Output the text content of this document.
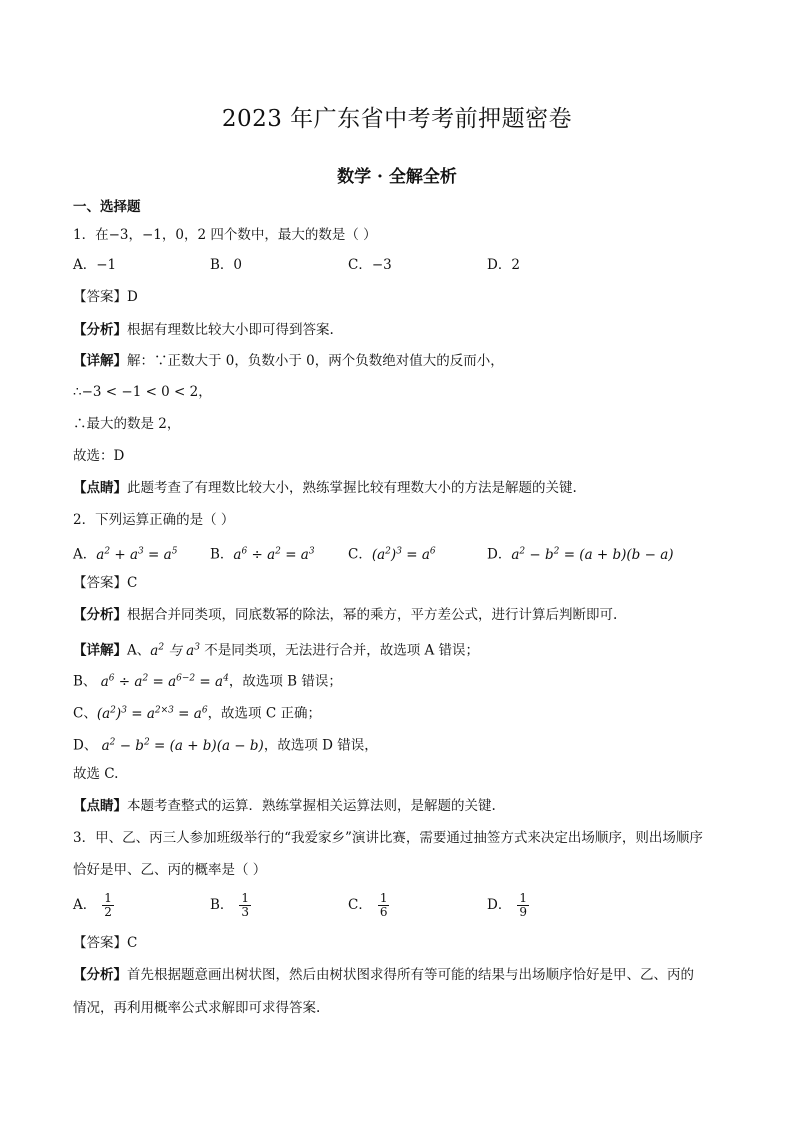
2023 年广东省中考考前押题密卷
数学 · 全解全析
一、选择题
1．在−3，−1，0，2 四个数中，最大的数是（ ）
A．−1	B．0	C．−3	D．2
【答案】D
【分析】根据有理数比较大小即可得到答案.
【详解】解：∵正数大于 0，负数小于 0，两个负数绝对值大的反而小，
∴−3 < −1 < 0 < 2，
∴最大的数是 2，
故选：D
【点睛】此题考查了有理数比较大小，熟练掌握比较有理数大小的方法是解题的关键.
2．下列运算正确的是（ ）
A．$a^2 + a^3 = a^5$ B．$a^6 \div a^2 = a^3$ C．$(a^2)^3 = a^6$	D．$a^2 - b^2 = (a + b)(b - a)$
【答案】C
【分析】根据合并同类项，同底数幂的除法，幂的乘方，平方差公式，进行计算后判断即可.
【详解】A、$a^2$ 与 $a^3$ 不是同类项，无法进行合并，故选项 A 错误；
B、 $a^6 \div a^2 = a^{6-2} = a^4$，故选项 B 错误；
C、$(a^2)^3 = a^{2\times 3} = a^6$，故选项 C 正确；
D、 $a^2 - b^2 = (a + b)(a - b)$，故选项 D 错误，
故选 C.
【点睛】本题考查整式的运算．熟练掌握相关运算法则，是解题的关键.
3．甲、乙、丙三人参加班级举行的“我爱家乡”演讲比赛，需要通过抽签方式来决定出场顺序，则出场顺序
恰好是甲、乙、丙的概率是（ ）
A． $\frac{1}{2}$	B． $\frac{1}{3}$	C． $\frac{1}{6}$	D． $\frac{1}{9}$
【答案】C
【分析】首先根据题意画出树状图，然后由树状图求得所有等可能的结果与出场顺序恰好是甲、乙、丙的
情况，再利用概率公式求解即可求得答案.
